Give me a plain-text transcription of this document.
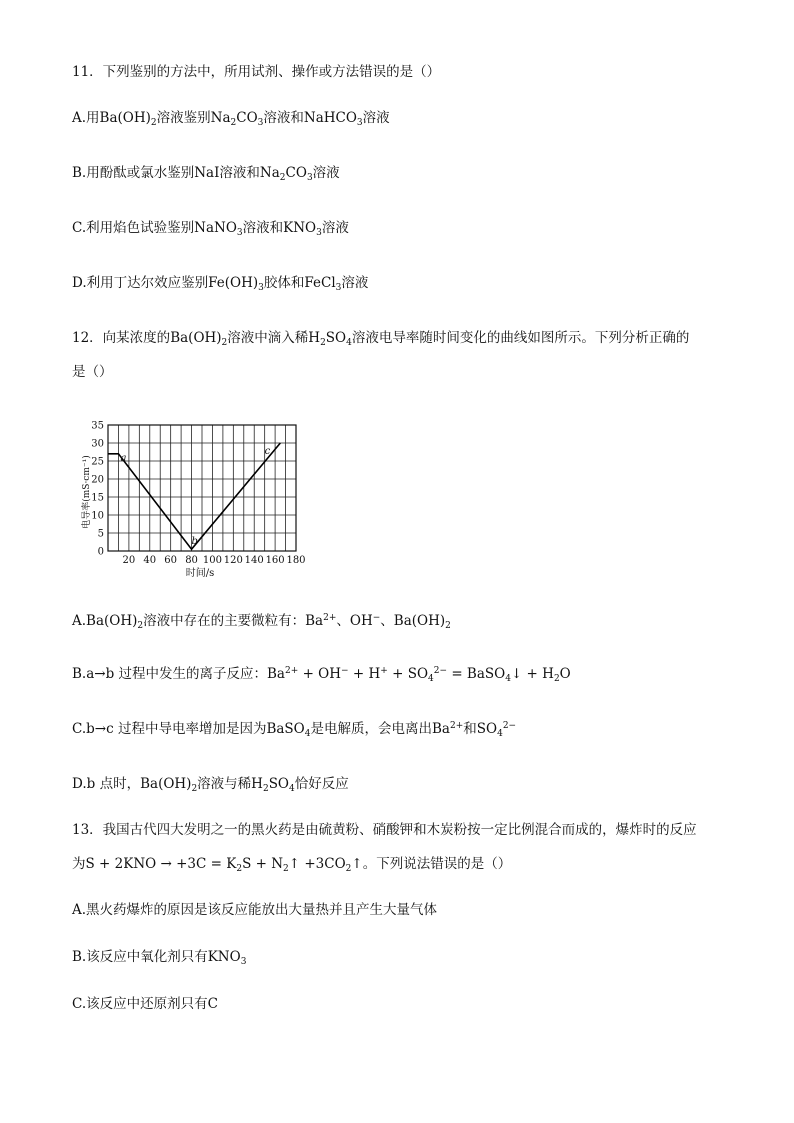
11．下列鉴别的方法中，所用试剂、操作或方法错误的是（）
A.用$Ba(OH)_2$溶液鉴别$Na_2CO_3$溶液和NaHCO$_3$溶液
B.用酚酞或氯水鉴别NaI溶液和$Na_2CO_3$溶液
C.利用焰色试验鉴别NaNO$_3$溶液和$KNO_3$溶液
D.利用丁达尔效应鉴别$Fe(OH)_3$胶体和FeCl$_3$溶液
12．向某浓度的$Ba(OH)_2$溶液中滴入稀$H_2SO_4$溶液电导率随时间变化的曲线如图所示。下列分析正确的
是（）
20 40 60 80 100 120 140 160 180
0
5
10
15
20
25
30
35
a
b
c
时间/s
电导率(mS·cm⁻¹)
$A.Ba(OH)_2$溶液中存在的主要微粒有：$Ba^{2+}$、OH−、$Ba(OH)_2$
B.a→b 过程中发生的离子反应：$Ba^{2+} + OH^- + H^+ + SO_4^{2-}$ = BaSO$_4$↓ + $H_2O$
C.b→c 过程中导电率增加是因为BaSO$_4$是电解质，会电离出$Ba^{2+}$和$SO_4^{2-}$
D.b 点时，$Ba(OH)_2$溶液与稀$H_2SO_4$恰好反应
13．我国古代四大发明之一的黑火药是由硫黄粉、硝酸钾和木炭粉按一定比例混合而成的，爆炸时的反应
为$S + 2KNO \to +3C = K_2S$ + $N_2↑$ $+3CO_2↑$。下列说法错误的是（）
A.黑火药爆炸的原因是该反应能放出大量热并且产生大量气体
B.该反应中氧化剂只有$KNO_3$
C.该反应中还原剂只有C
